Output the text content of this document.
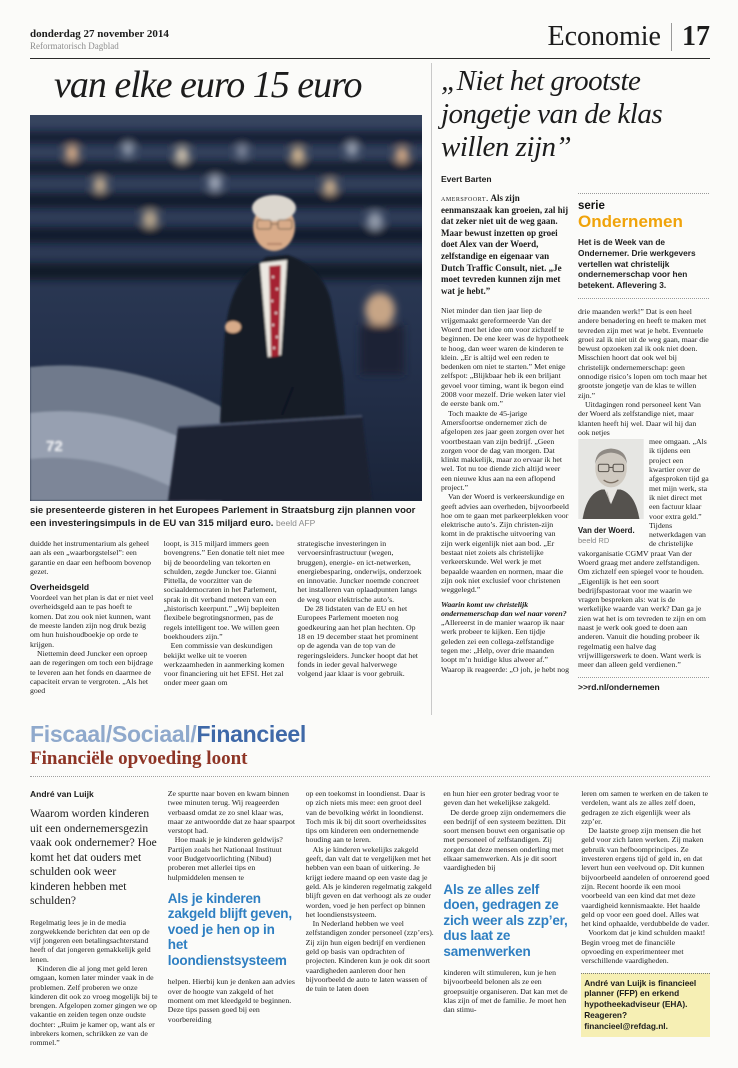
donderdag 27 november 2014
Reformatorisch Dagblad	Economie 17
van elke euro 15 euro
72
sie presenteerde gisteren in het Europees Parlement in Straatsburg zijn plannen voor een investeringsimpuls in de EU van 315 miljard euro. beeld AFP

duidde het instrumentarium als geheel aan als een „waarborgstelsel”: een garantie en daar een hefboom bovenop gezet.

Overheidsgeld

Voordeel van het plan is dat er niet veel overheidsgeld aan te pas hoeft te komen. Dat zou ook niet kunnen, want de meeste landen zijn nog druk bezig om hun huishoudboekje op orde te krijgen.

Niettemin deed Juncker een oproep aan de regeringen om toch een bijdrage te leveren aan het fonds en daarmee de capaciteit ervan te vergroten. „Als het goed

loopt, is 315 miljard immers geen bovengrens.” Een donatie telt niet mee bij de beoordeling van tekorten en schulden, zegde Juncker toe. Gianni Pittella, de voorzitter van de sociaaldemocraten in het Parlement, sprak in dit verband meteen van een „historisch keerpunt.” „Wij bepleiten flexibele begrotingsnormen, pas de regels intelligent toe. We willen geen boekhouders zijn.”

Een commissie van deskundigen bekijkt welke uit te voeren werkzaamheden in aanmerking komen voor financiering uit het EFSI. Het zal onder meer gaan om

strategische investeringen in vervoersinfrastructuur (wegen, bruggen), energie- en ict-netwerken, energiebesparing, onderwijs, onderzoek en innovatie. Juncker noemde concreet het installeren van oplaadpunten langs de weg voor elektrische auto’s.

De 28 lidstaten van de EU en het Europees Parlement moeten nog goedkeuring aan het plan hechten. Op 18 en 19 december staat het prominent op de agenda van de top van de regeringsleiders. Juncker hoopt dat het fonds in ieder geval halverwege volgend jaar klaar is voor gebruik.

„Niet het grootste jongetje van de klas willen zijn”
Evert Barten

amersfoort. Als zijn eenmanszaak kan groeien, zal hij dat zeker niet uit de weg gaan. Maar bewust inzetten op groei doet Alex van der Woerd, zelfstandige en eigenaar van Dutch Traffic Consult, niet. „Je moet tevreden kunnen zijn met wat je hebt.”

Niet minder dan tien jaar liep de vrijgemaakt gereformeerde Van der Woerd met het idee om voor zichzelf te beginnen. De ene keer was de hypotheek te hoog, dan weer waren de kinderen te klein. „Er is altijd wel een reden te bedenken om niet te starten.” Met enige zelfspot: „Blijkbaar heb ik een briljant gevoel voor timing, want ik begon eind 2008 voor mezelf. Drie weken later viel de eerste bank om.”

Toch maakte de 45-jarige Amersfoortse ondernemer zich de afgelopen zes jaar geen zorgen over het voortbestaan van zijn bedrijf. „Geen zorgen voor de dag van morgen. Dat klinkt makkelijk, maar zo ervaar ik het wel. Tot nu toe diende zich altijd weer een nieuwe klus aan na een aflopend project.”

Van der Woerd is verkeerskundige en geeft advies aan overheden, bijvoorbeeld hoe om te gaan met parkeerplekken voor elektrische auto’s. Zijn christen-zijn komt in de praktische uitvoering van zijn werk eigenlijk niet aan bod. „Er bestaat niet zoiets als christelijke verkeerskunde. Wel werk je met bepaalde waarden en normen, maar die zijn ook niet exclusief voor christenen weggelegd.”

Waarin komt uw christelijk ondernemerschap dan wel naar voren?

„Allereerst in de manier waarop ik naar werk probeer te kijken. Een tijdje geleden zei een collega-zelfstandige tegen me: „Help, over drie maanden loopt m’n huidige klus alweer af.” Waarop ik reageerde: „O joh, je hebt nog

serie
Ondernemen
Het is de Week van de Ondernemer. Drie werkgevers vertellen wat christelijk ondernemerschap voor hen betekent. Aflevering 3.

drie maanden werk!” Dat is een heel andere benadering en heeft te maken met tevreden zijn met wat je hebt. Eventuele groei zal ik niet uit de weg gaan, maar die bewust opzoeken zal ik ook niet doen. Misschien hoort dat ook wel bij christelijk ondernemerschap: geen onnodige risico’s lopen om toch maar het grootste jongetje van de klas te willen zijn.”

Uitdagingen rond personeel kent Van der Woerd als zelfstandige niet, maar klanten heeft hij wel. Daar wil hij dan ook netjes

Van der Woerd.
beeld RD

mee omgaan. „Als ik tijdens een project een kwartier over de afgesproken tijd ga met mijn werk, sta ik niet direct met een factuur klaar voor extra geld.” Tijdens

netwerkdagen van de christelijke vakorganisatie CGMV praat Van der Woerd graag met andere zelfstandigen. Om zichzelf een spiegel voor te houden. „Eigenlijk is het een soort bedrijfspastoraat voor me waarin we vragen bespreken als: wat is de werkelijke waarde van werk? Dan ga je zien wat het is om tevreden te zijn en om naast je werk ook goed te doen aan anderen. Vanuit die houding probeer ik regelmatig een halve dag vrijwilligerswerk te doen. Want werk is meer dan alleen geld verdienen.”

>>rd.nl/ondernemen
Fiscaal/Sociaal/Financieel
Financiële opvoeding loont
André van Luijk

Waarom worden kinderen uit een ondernemersgezin vaak ook ondernemer? Hoe komt het dat ouders met schulden ook weer kinderen hebben met schulden?

Regelmatig lees je in de media zorgwekkende berichten dat een op de vijf jongeren een betalingsachterstand heeft of dat jongeren gemakkelijk geld lenen.

Kinderen die al jong met geld leren omgaan, komen later minder vaak in de problemen. Zelf proberen we onze kinderen dit ook zo vroeg mogelijk bij te brengen. Afgelopen zomer gingen we op vakantie en zeiden tegen onze oudste dochter: „Ruim je kamer op, want als er inbrekers komen, schrikken ze van de rommel.”

Ze spurtte naar boven en kwam binnen twee minuten terug. Wij reageerden verbaasd omdat ze zo snel klaar was, maar ze antwoordde dat ze haar spaarpot verstopt had.

Hoe maak je je kinderen geldwijs? Partijen zoals het Nationaal Instituut voor Budgetvoorlichting (Nibud) proberen met allerlei tips en hulpmiddelen mensen te

Als je kinderen zakgeld blijft geven, voed je hen op in het loondienstsysteem

helpen. Hierbij kun je denken aan advies over de hoogte van zakgeld of het moment om met kleedgeld te beginnen. Deze tips passen goed bij een voorbereiding

op een toekomst in loondienst. Daar is op zich niets mis mee: een groot deel van de bevolking wérkt in loondienst. Toch mis ik bij dit soort overheidssites tips om kinderen een ondernemende houding aan te leren.

Als je kinderen wekelijks zakgeld geeft, dan valt dat te vergelijken met het hebben van een baan of uitkering. Je krijgt iedere maand op een vaste dag je geld. Als je kinderen regelmatig zakgeld blijft geven en dat verhoogt als ze ouder worden, voed je hen perfect op binnen het loondienstsysteem.

In Nederland hebben we veel zelfstandigen zonder personeel (zzp’ers). Zij zijn hun eigen bedrijf en verdienen geld op basis van opdrachten of projecten. Kinderen kun je ook dit soort vaardigheden aanleren door hen bijvoorbeeld de auto te laten wassen of de tuin te laten doen

en hun hier een groter bedrag voor te geven dan het wekelijkse zakgeld.

De derde groep zijn ondernemers die een bedrijf of een systeem bezitten. Dit soort mensen bouwt een organisatie op met personeel of zelfstandigen. Zij zorgen dat deze mensen onderling met elkaar samenwerken. Als je dit soort vaardigheden bij

Als ze alles zelf doen, gedragen ze zich weer als zzp’er, dus laat ze samenwerken

kinderen wilt stimuleren, kun je hen bijvoorbeeld belonen als ze een groepsuitje organiseren. Dat kan met de klas zijn of met de familie. Je moet hen dan stimu-

leren om samen te werken en de taken te verdelen, want als ze alles zelf doen, gedragen ze zich eigenlijk weer als zzp’er.

De laatste groep zijn mensen die het geld voor zich laten werken. Zij maken gebruik van hefboomprincipes. Ze investeren ergens tijd of geld in, en dat levert hun een veelvoud op. Dit kunnen bijvoorbeeld aandelen of onroerend goed zijn. Recent hoorde ik een mooi voorbeeld van een kind dat met deze vaardigheid kennismaakte. Het haalde geld op voor een goed doel. Alles wat het kind ophaalde, verdubbelde de vader.

Voorkom dat je kind schulden maakt! Begin vroeg met de financiële opvoeding en experimenteer met verschillende vaardigheden.

André van Luijk is financieel planner (FFP) en erkend hypotheekadviseur (EHA). Reageren? financieel@refdag.nl.
